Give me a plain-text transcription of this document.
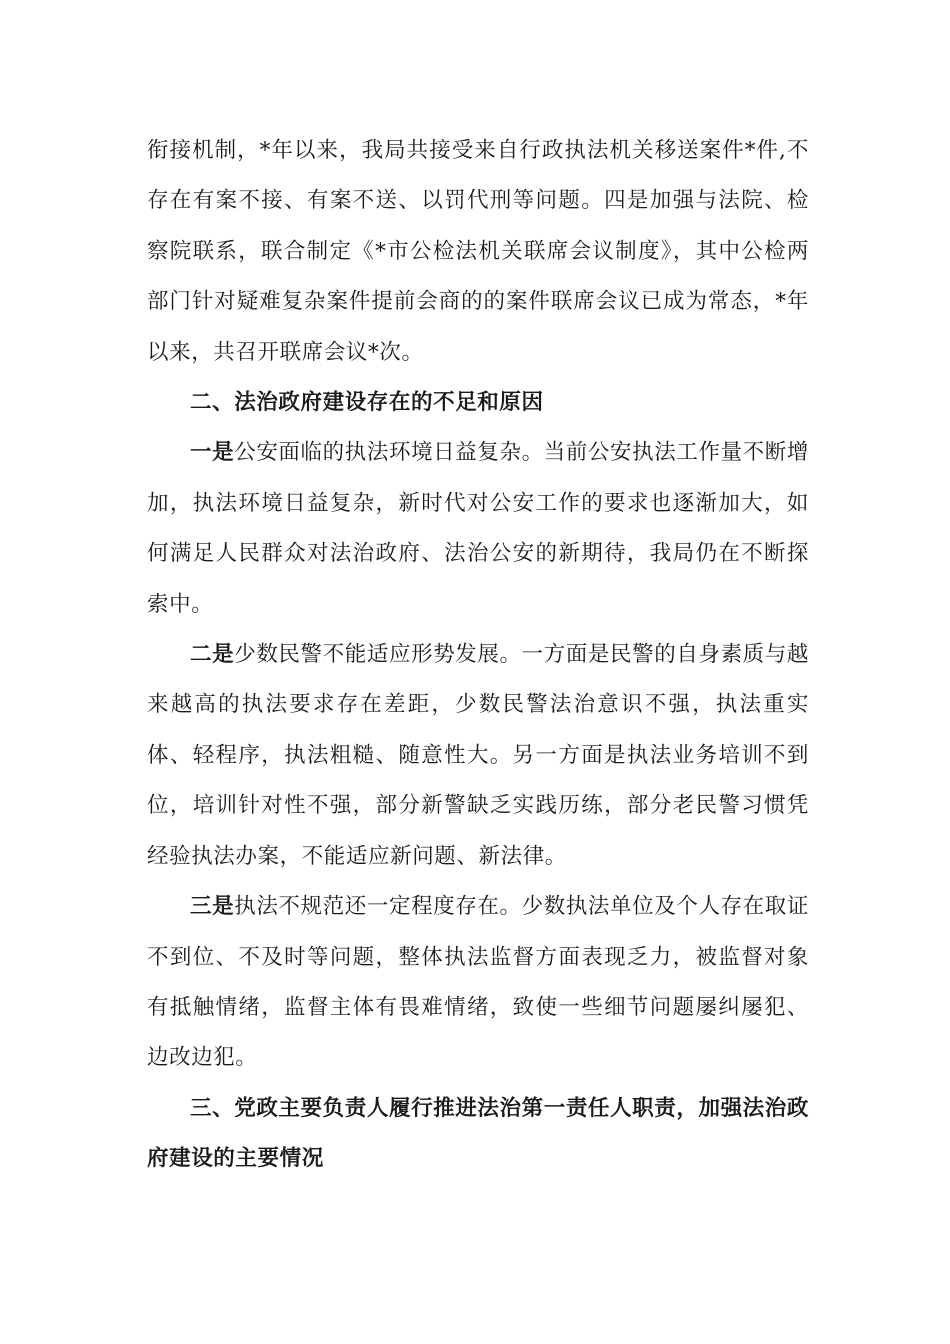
衔接机制，*年以来，我局共接受来自行政执法机关移送案件*件,不存在有案不接、有案不送、以罚代刑等问题。四是加强与法院、检察院联系，联合制定《*市公检法机关联席会议制度》，其中公检两部门针对疑难复杂案件提前会商的的案件联席会议已成为常态，*年以来，共召开联席会议*次。

二、法治政府建设存在的不足和原因

一是公安面临的执法环境日益复杂。当前公安执法工作量不断增加，执法环境日益复杂，新时代对公安工作的要求也逐渐加大，如何满足人民群众对法治政府、法治公安的新期待，我局仍在不断探索中。

二是少数民警不能适应形势发展。一方面是民警的自身素质与越来越高的执法要求存在差距，少数民警法治意识不强，执法重实体、轻程序，执法粗糙、随意性大。另一方面是执法业务培训不到位，培训针对性不强，部分新警缺乏实践历练，部分老民警习惯凭经验执法办案，不能适应新问题、新法律。

三是执法不规范还一定程度存在。少数执法单位及个人存在取证不到位、不及时等问题，整体执法监督方面表现乏力，被监督对象有抵触情绪，监督主体有畏难情绪，致使一些细节问题屡纠屡犯、边改边犯。

三、党政主要负责人履行推进法治第一责任人职责，加强法治政府建设的主要情况
